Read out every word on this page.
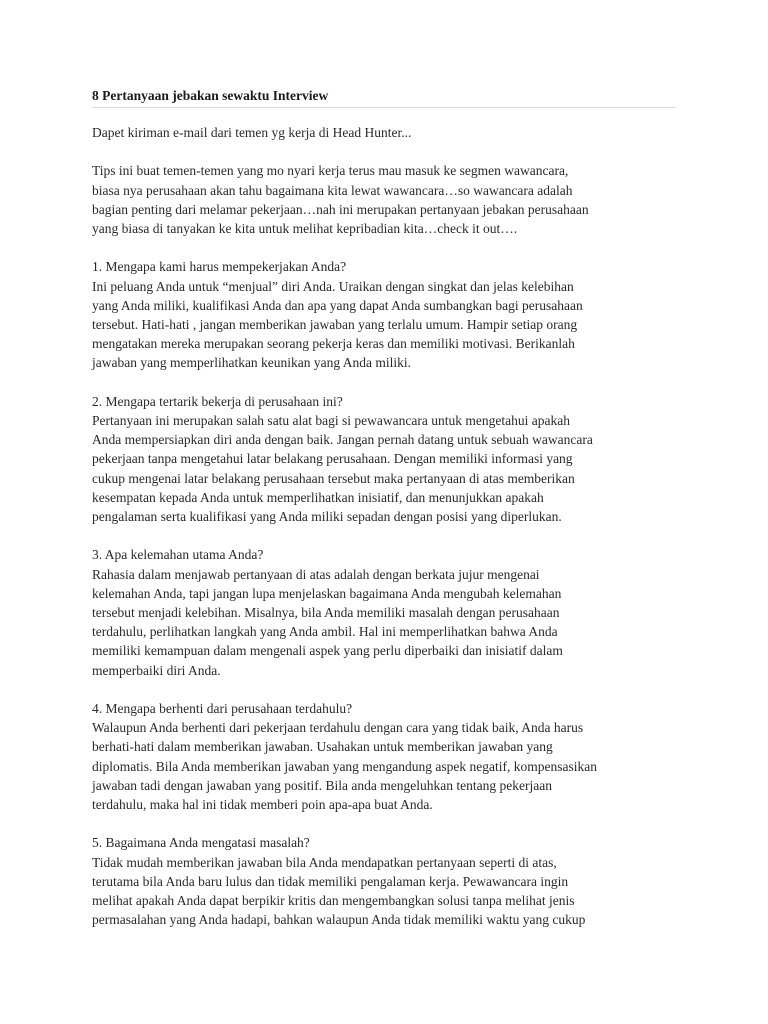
8 Pertanyaan jebakan sewaktu Interview
Dapet kiriman e-mail dari temen yg kerja di Head Hunter...
Tips ini buat temen-temen yang mo nyari kerja terus mau masuk ke segmen wawancara,
biasa nya perusahaan akan tahu bagaimana kita lewat wawancara…so wawancara adalah
bagian penting dari melamar pekerjaan…nah ini merupakan pertanyaan jebakan perusahaan
yang biasa di tanyakan ke kita untuk melihat kepribadian kita…check it out….
1. Mengapa kami harus mempekerjakan Anda?
Ini peluang Anda untuk “menjual” diri Anda. Uraikan dengan singkat dan jelas kelebihan
yang Anda miliki, kualifikasi Anda dan apa yang dapat Anda sumbangkan bagi perusahaan
tersebut. Hati-hati , jangan memberikan jawaban yang terlalu umum. Hampir setiap orang
mengatakan mereka merupakan seorang pekerja keras dan memiliki motivasi. Berikanlah
jawaban yang memperlihatkan keunikan yang Anda miliki.
2. Mengapa tertarik bekerja di perusahaan ini?
Pertanyaan ini merupakan salah satu alat bagi si pewawancara untuk mengetahui apakah
Anda mempersiapkan diri anda dengan baik. Jangan pernah datang untuk sebuah wawancara
pekerjaan tanpa mengetahui latar belakang perusahaan. Dengan memiliki informasi yang
cukup mengenai latar belakang perusahaan tersebut maka pertanyaan di atas memberikan
kesempatan kepada Anda untuk memperlihatkan inisiatif, dan menunjukkan apakah
pengalaman serta kualifikasi yang Anda miliki sepadan dengan posisi yang diperlukan.
3. Apa kelemahan utama Anda?
Rahasia dalam menjawab pertanyaan di atas adalah dengan berkata jujur mengenai
kelemahan Anda, tapi jangan lupa menjelaskan bagaimana Anda mengubah kelemahan
tersebut menjadi kelebihan. Misalnya, bila Anda memiliki masalah dengan perusahaan
terdahulu, perlihatkan langkah yang Anda ambil. Hal ini memperlihatkan bahwa Anda
memiliki kemampuan dalam mengenali aspek yang perlu diperbaiki dan inisiatif dalam
memperbaiki diri Anda.
4. Mengapa berhenti dari perusahaan terdahulu?
Walaupun Anda berhenti dari pekerjaan terdahulu dengan cara yang tidak baik, Anda harus
berhati-hati dalam memberikan jawaban. Usahakan untuk memberikan jawaban yang
diplomatis. Bila Anda memberikan jawaban yang mengandung aspek negatif, kompensasikan
jawaban tadi dengan jawaban yang positif. Bila anda mengeluhkan tentang pekerjaan
terdahulu, maka hal ini tidak memberi poin apa-apa buat Anda.
5. Bagaimana Anda mengatasi masalah?
Tidak mudah memberikan jawaban bila Anda mendapatkan pertanyaan seperti di atas,
terutama bila Anda baru lulus dan tidak memiliki pengalaman kerja. Pewawancara ingin
melihat apakah Anda dapat berpikir kritis dan mengembangkan solusi tanpa melihat jenis
permasalahan yang Anda hadapi, bahkan walaupun Anda tidak memiliki waktu yang cukup
